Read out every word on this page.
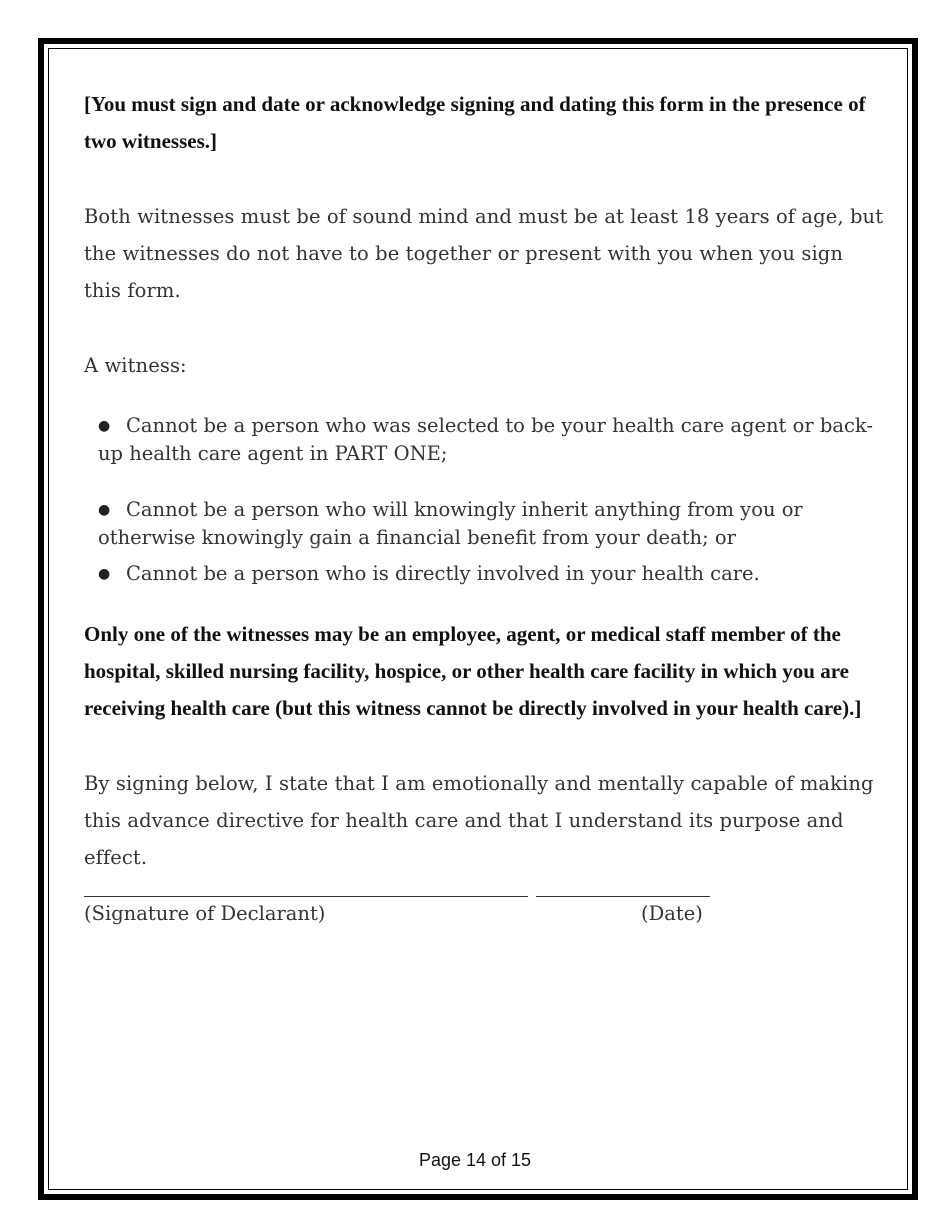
[You must sign and date or acknowledge signing and dating this form in the presence of two witnesses.]

Both witnesses must be of sound mind and must be at least 18 years of age, but the witnesses do not have to be together or present with you when you sign this form.

A witness:

● Cannot be a person who was selected to be your health care agent or back-up health care agent in PART ONE;
● Cannot be a person who will knowingly inherit anything from you or otherwise knowingly gain a financial benefit from your death; or
● Cannot be a person who is directly involved in your health care.

Only one of the witnesses may be an employee, agent, or medical staff member of the hospital, skilled nursing facility, hospice, or other health care facility in which you are receiving health care (but this witness cannot be directly involved in your health care).]

By signing below, I state that I am emotionally and mentally capable of making this advance directive for health care and that I understand its purpose and effect.

(Signature of Declarant)	(Date)
Page 14 of 15
